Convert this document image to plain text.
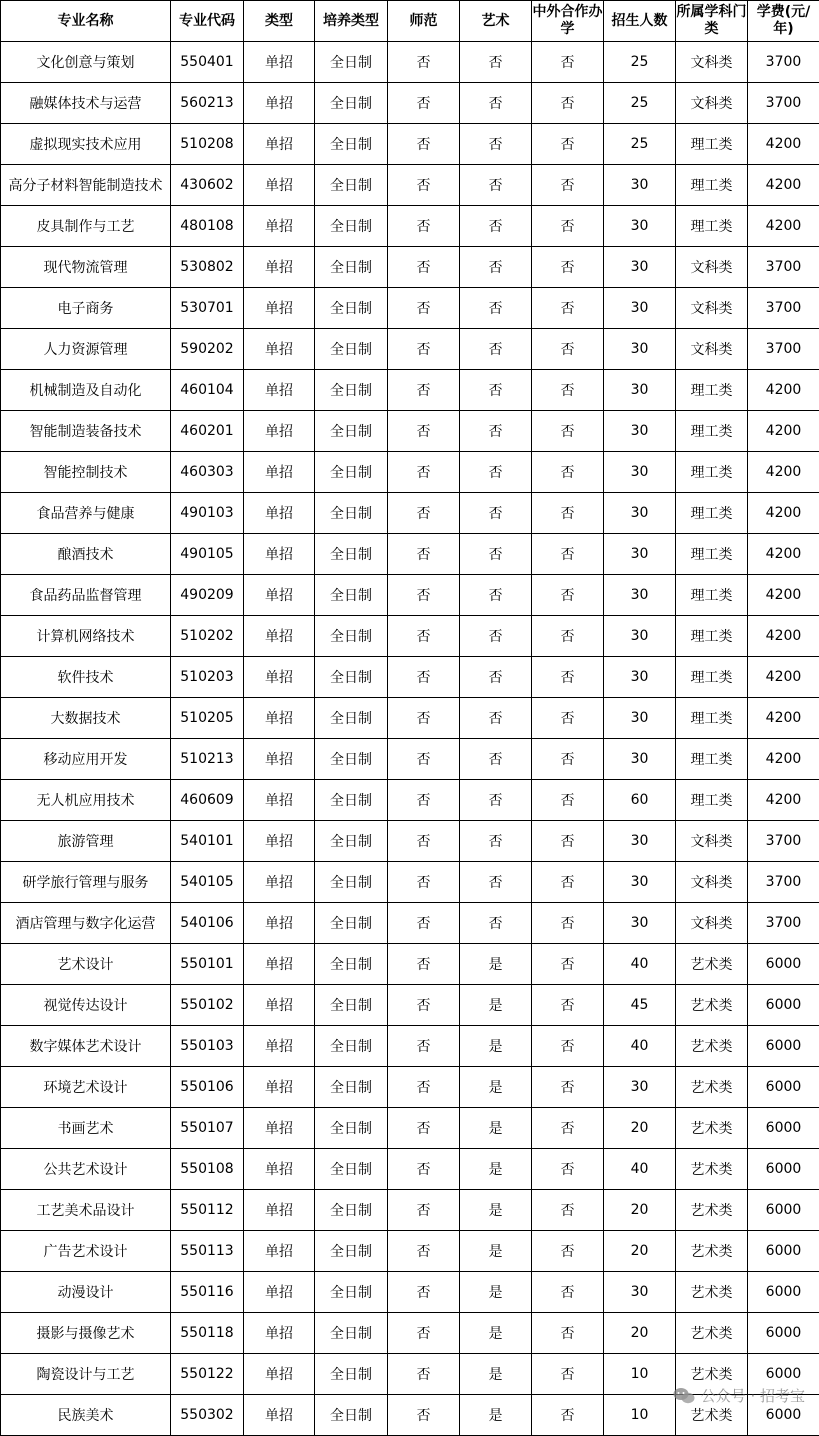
专业名称	专业代码	类型	培养类型	师范	艺术	中外合作办学	招生人数	所属学科门类	学费(元/年)
文化创意与策划	550401	单招	全日制	否	否	否	25	文科类	3700
融媒体技术与运营	560213	单招	全日制	否	否	否	25	文科类	3700
虚拟现实技术应用	510208	单招	全日制	否	否	否	25	理工类	4200
高分子材料智能制造技术	430602	单招	全日制	否	否	否	30	理工类	4200
皮具制作与工艺	480108	单招	全日制	否	否	否	30	理工类	4200
现代物流管理	530802	单招	全日制	否	否	否	30	文科类	3700
电子商务	530701	单招	全日制	否	否	否	30	文科类	3700
人力资源管理	590202	单招	全日制	否	否	否	30	文科类	3700
机械制造及自动化	460104	单招	全日制	否	否	否	30	理工类	4200
智能制造装备技术	460201	单招	全日制	否	否	否	30	理工类	4200
智能控制技术	460303	单招	全日制	否	否	否	30	理工类	4200
食品营养与健康	490103	单招	全日制	否	否	否	30	理工类	4200
酿酒技术	490105	单招	全日制	否	否	否	30	理工类	4200
食品药品监督管理	490209	单招	全日制	否	否	否	30	理工类	4200
计算机网络技术	510202	单招	全日制	否	否	否	30	理工类	4200
软件技术	510203	单招	全日制	否	否	否	30	理工类	4200
大数据技术	510205	单招	全日制	否	否	否	30	理工类	4200
移动应用开发	510213	单招	全日制	否	否	否	30	理工类	4200
无人机应用技术	460609	单招	全日制	否	否	否	60	理工类	4200
旅游管理	540101	单招	全日制	否	否	否	30	文科类	3700
研学旅行管理与服务	540105	单招	全日制	否	否	否	30	文科类	3700
酒店管理与数字化运营	540106	单招	全日制	否	否	否	30	文科类	3700
艺术设计	550101	单招	全日制	否	是	否	40	艺术类	6000
视觉传达设计	550102	单招	全日制	否	是	否	45	艺术类	6000
数字媒体艺术设计	550103	单招	全日制	否	是	否	40	艺术类	6000
环境艺术设计	550106	单招	全日制	否	是	否	30	艺术类	6000
书画艺术	550107	单招	全日制	否	是	否	20	艺术类	6000
公共艺术设计	550108	单招	全日制	否	是	否	40	艺术类	6000
工艺美术品设计	550112	单招	全日制	否	是	否	20	艺术类	6000
广告艺术设计	550113	单招	全日制	否	是	否	20	艺术类	6000
动漫设计	550116	单招	全日制	否	是	否	30	艺术类	6000
摄影与摄像艺术	550118	单招	全日制	否	是	否	20	艺术类	6000
陶瓷设计与工艺	550122	单招	全日制	否	是	否	10	艺术类	6000
民族美术	550302	单招	全日制	否	是	否	10	艺术类	6000
公众号 · 招考宝
